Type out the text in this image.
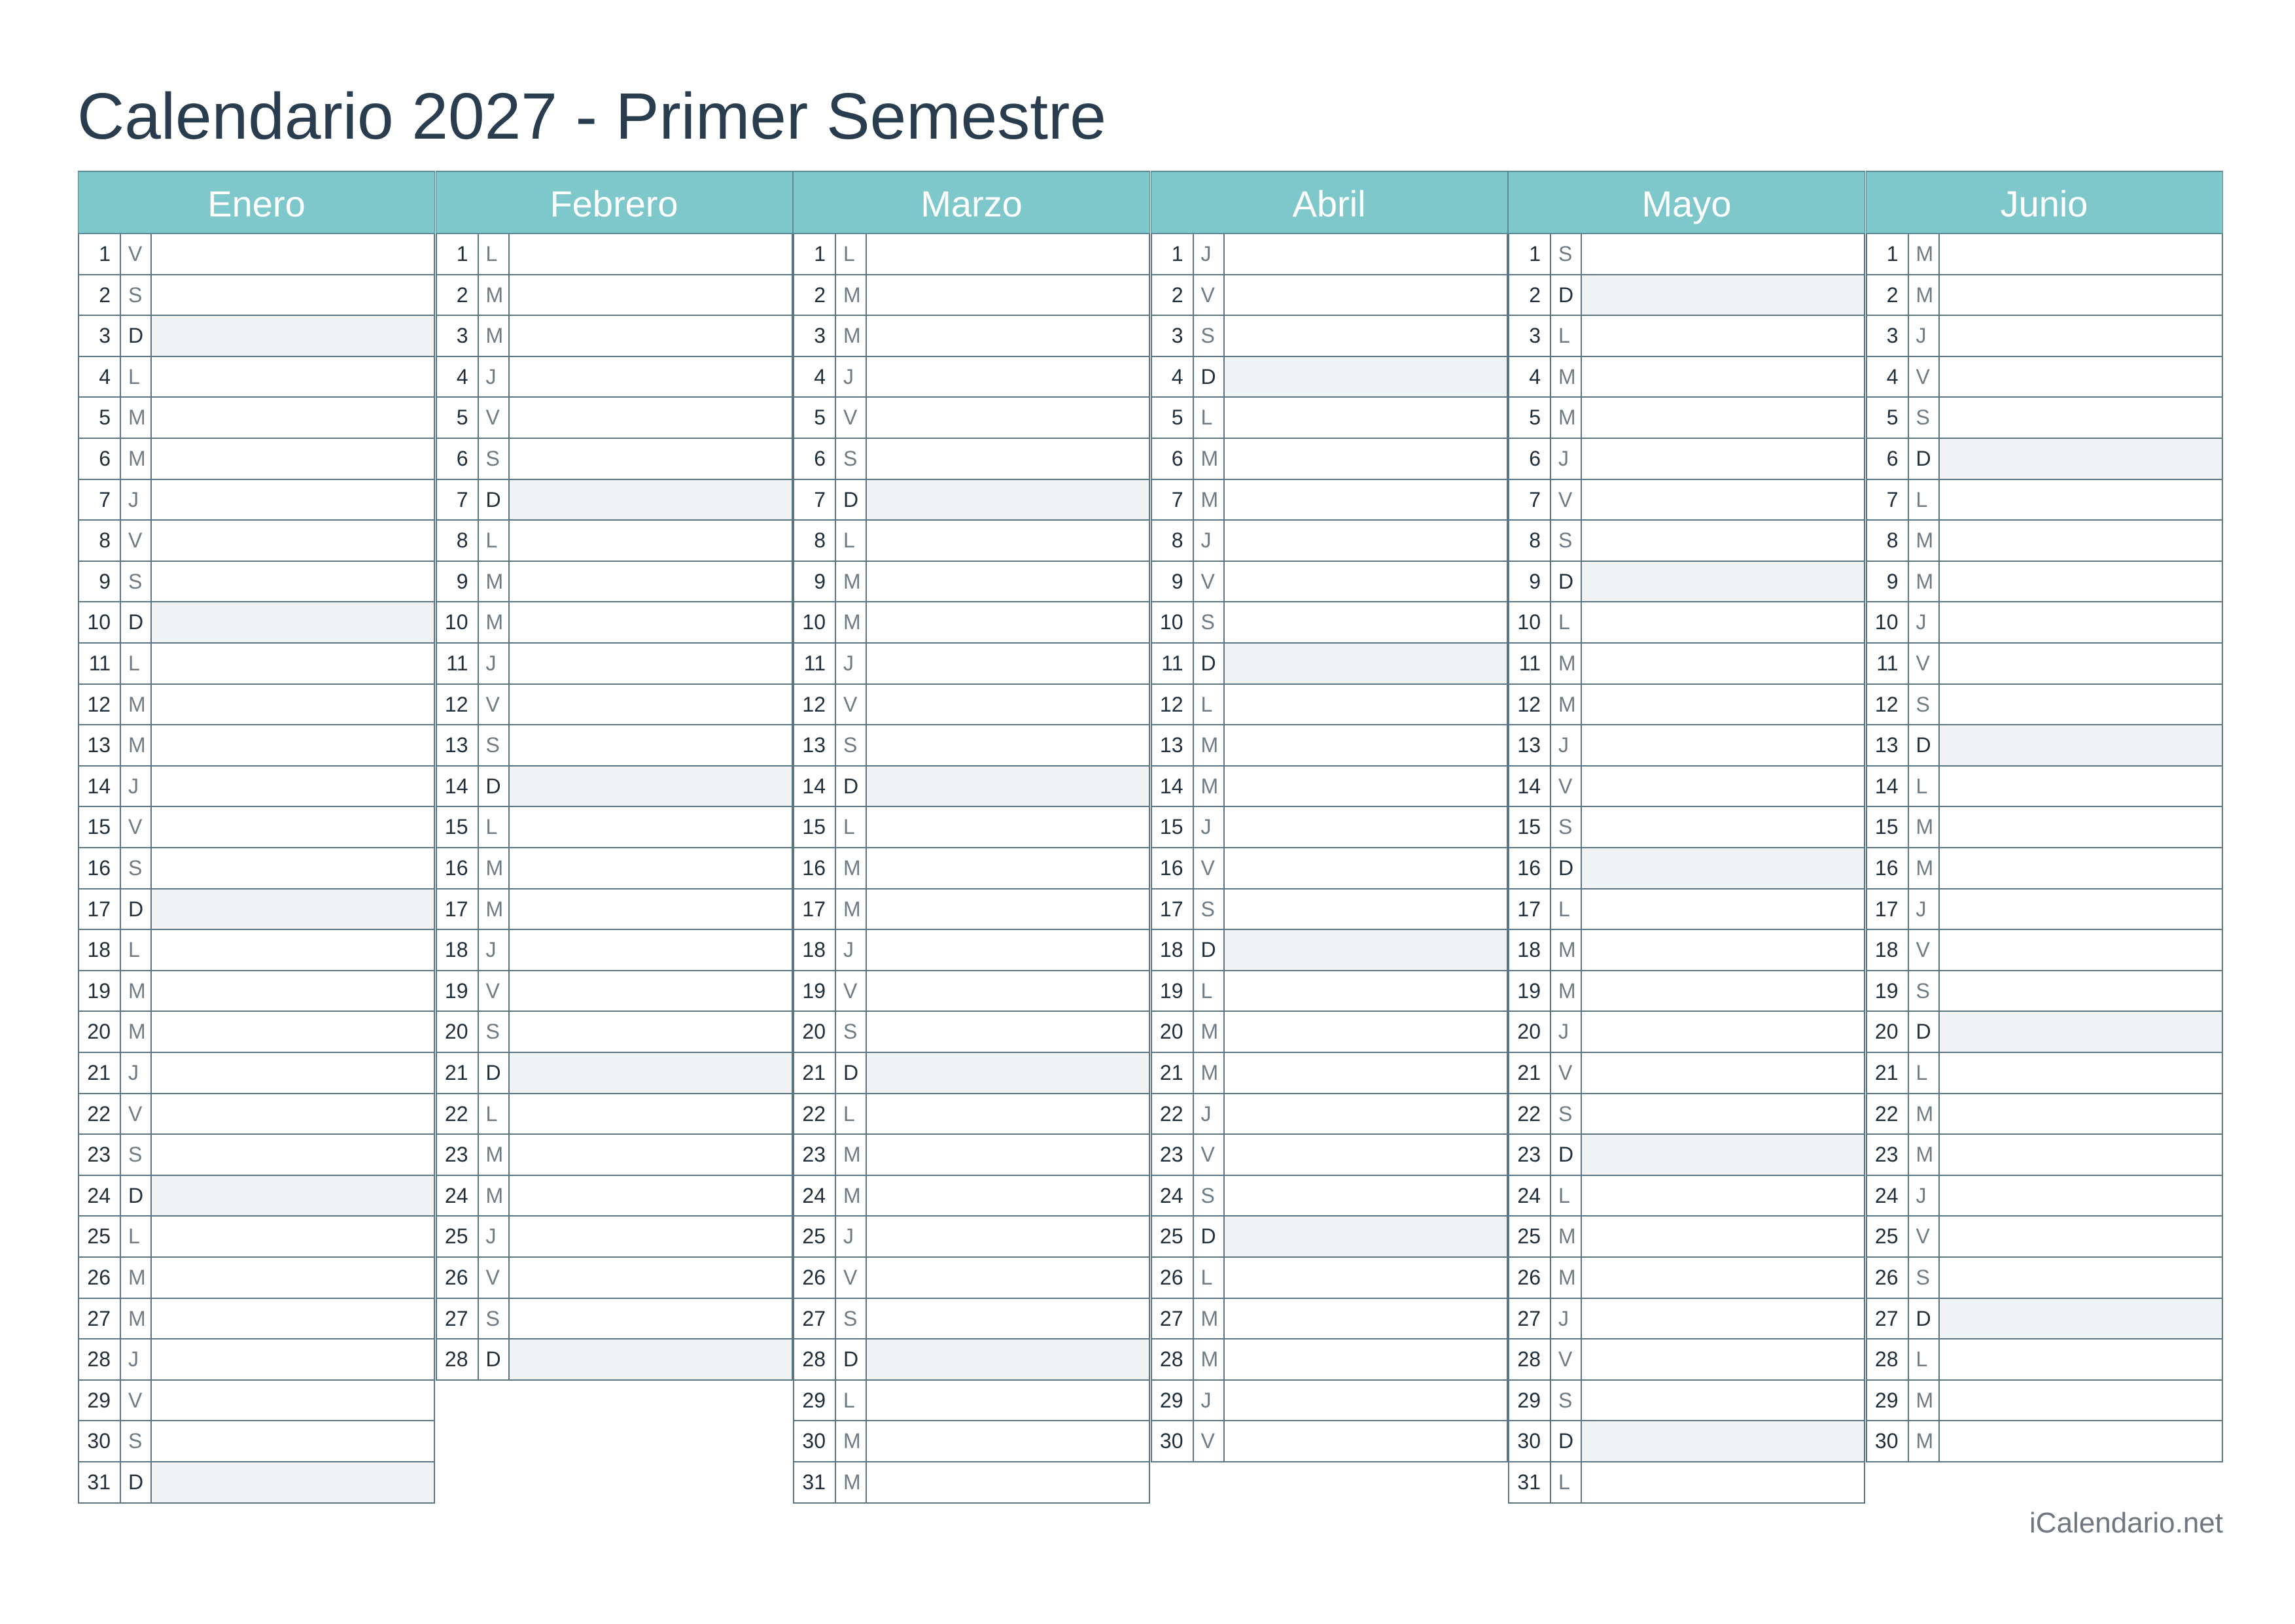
Calendario 2027 - Primer Semestre
Enero
1 V
2 S
3 D
4 L
5 M
6 M
7 J
8 V
9 S
10 D
11 L
12 M
13 M
14 J
15 V
16 S
17 D
18 L
19 M
20 M
21 J
22 V
23 S
24 D
25 L
26 M
27 M
28 J
29 V
30 S
31 D
Febrero
1 L
2 M
3 M
4 J
5 V
6 S
7 D
8 L
9 M
10 M
11 J
12 V
13 S
14 D
15 L
16 M
17 M
18 J
19 V
20 S
21 D
22 L
23 M
24 M
25 J
26 V
27 S
28 D
Marzo
1 L
2 M
3 M
4 J
5 V
6 S
7 D
8 L
9 M
10 M
11 J
12 V
13 S
14 D
15 L
16 M
17 M
18 J
19 V
20 S
21 D
22 L
23 M
24 M
25 J
26 V
27 S
28 D
29 L
30 M
31 M
Abril
1 J
2 V
3 S
4 D
5 L
6 M
7 M
8 J
9 V
10 S
11 D
12 L
13 M
14 M
15 J
16 V
17 S
18 D
19 L
20 M
21 M
22 J
23 V
24 S
25 D
26 L
27 M
28 M
29 J
30 V
Mayo
1 S
2 D
3 L
4 M
5 M
6 J
7 V
8 S
9 D
10 L
11 M
12 M
13 J
14 V
15 S
16 D
17 L
18 M
19 M
20 J
21 V
22 S
23 D
24 L
25 M
26 M
27 J
28 V
29 S
30 D
31 L
Junio
1 M
2 M
3 J
4 V
5 S
6 D
7 L
8 M
9 M
10 J
11 V
12 S
13 D
14 L
15 M
16 M
17 J
18 V
19 S
20 D
21 L
22 M
23 M
24 J
25 V
26 S
27 D
28 L
29 M
30 M
iCalendario.net
